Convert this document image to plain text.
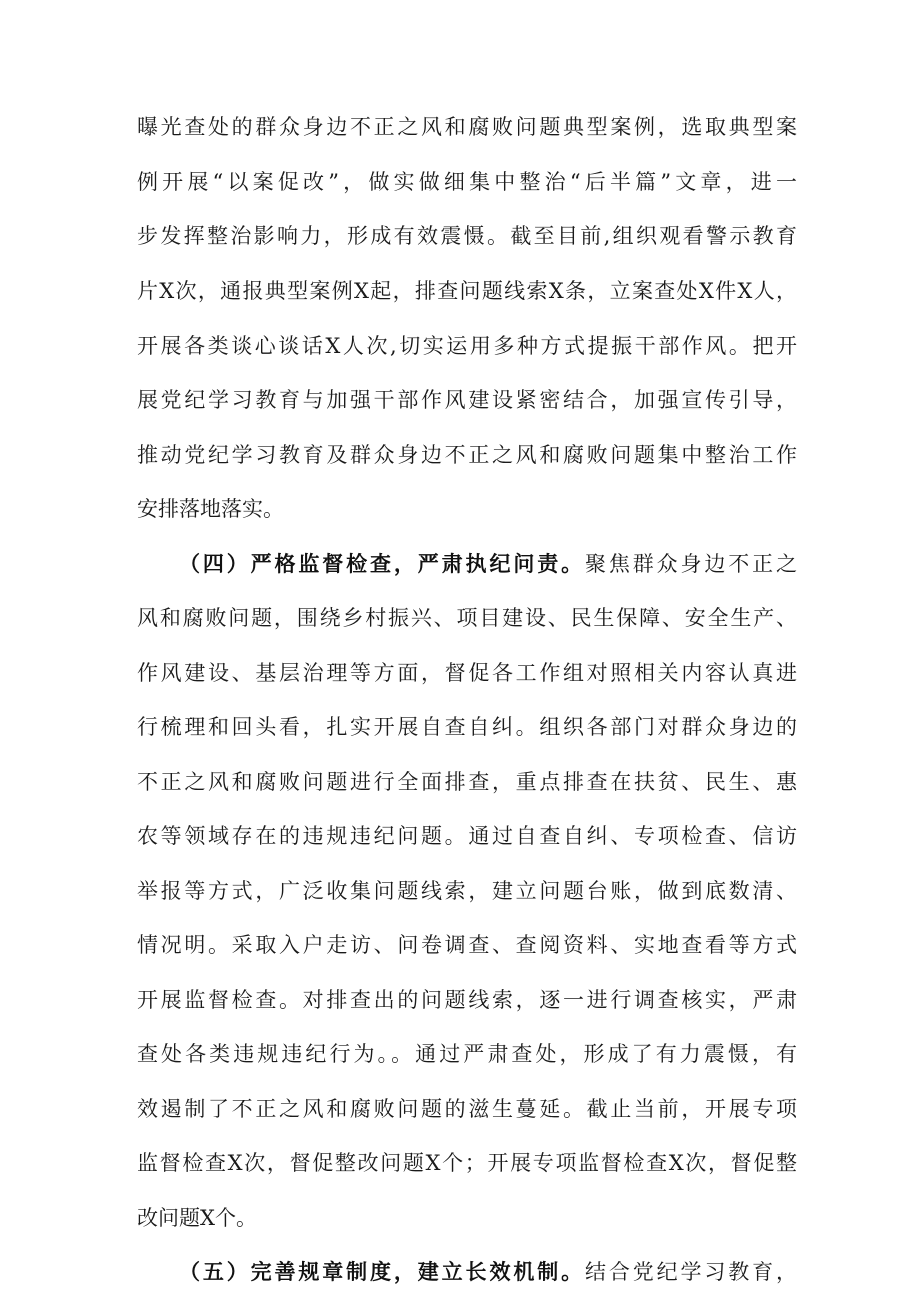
曝光查处的群众身边不正之风和腐败问题典型案例，选取典型案
例开展“以案促改”，做实做细集中整治“后半篇”文章，进一
步发挥整治影响力，形成有效震慑。截至目前,组织观看警示教育
片X次，通报典型案例X起，排查问题线索X条，立案查处X件X人，
开展各类谈心谈话X人次,切实运用多种方式提振干部作风。把开
展党纪学习教育与加强干部作风建设紧密结合，加强宣传引导，
推动党纪学习教育及群众身边不正之风和腐败问题集中整治工作
安排落地落实。
（四）严格监督检查，严肃执纪问责。聚焦群众身边不正之
风和腐败问题，围绕乡村振兴、项目建设、民生保障、安全生产、
作风建设、基层治理等方面，督促各工作组对照相关内容认真进
行梳理和回头看，扎实开展自查自纠。组织各部门对群众身边的
不正之风和腐败问题进行全面排查，重点排查在扶贫、民生、惠
农等领域存在的违规违纪问题。通过自查自纠、专项检查、信访
举报等方式，广泛收集问题线索，建立问题台账，做到底数清、
情况明。采取入户走访、问卷调查、查阅资料、实地查看等方式
开展监督检查。对排查出的问题线索，逐一进行调查核实，严肃
查处各类违规违纪行为。。通过严肃查处，形成了有力震慑，有
效遏制了不正之风和腐败问题的滋生蔓延。截止当前，开展专项
监督检查X次，督促整改问题X个；开展专项监督检查X次，督促整
改问题X个。
（五）完善规章制度，建立长效机制。结合党纪学习教育，
